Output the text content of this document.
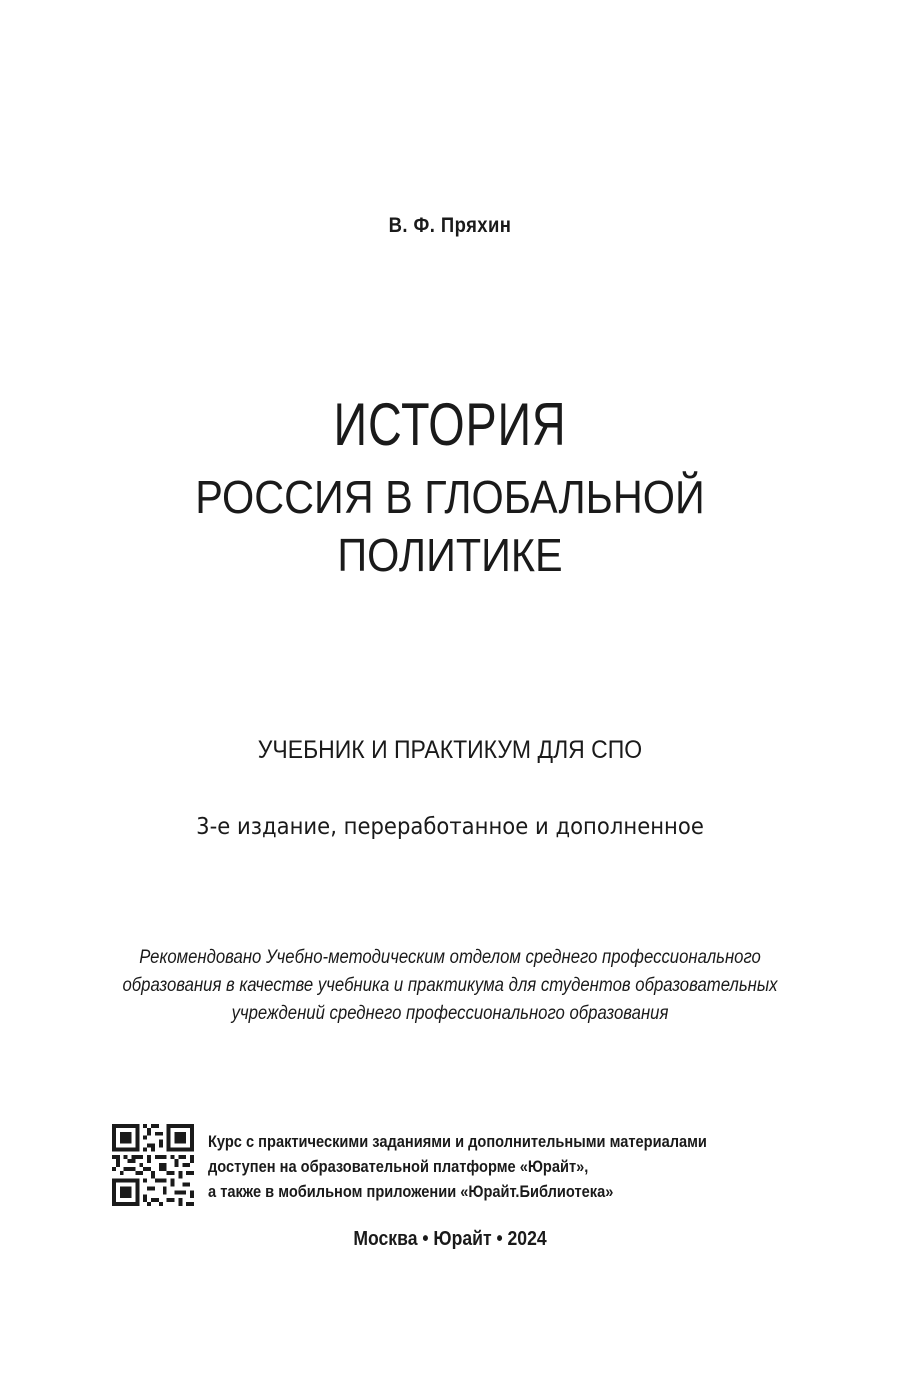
В. Ф. Пряхин
ИСТОРИЯ
РОССИЯ В ГЛОБАЛЬНОЙ
ПОЛИТИКЕ
УЧЕБНИК И ПРАКТИКУМ ДЛЯ СПО
3-е издание, переработанное и дополненное
Рекомендовано Учебно-методическим отделом среднего профессионального
образования в качестве учебника и практикума для студентов образовательных
учреждений среднего профессионального образования
Курс с практическими заданиями и дополнительными материалами
доступен на образовательной платформе «Юрайт»,
а также в мобильном приложении «Юрайт.Библиотека»
Москва • Юрайт • 2024
